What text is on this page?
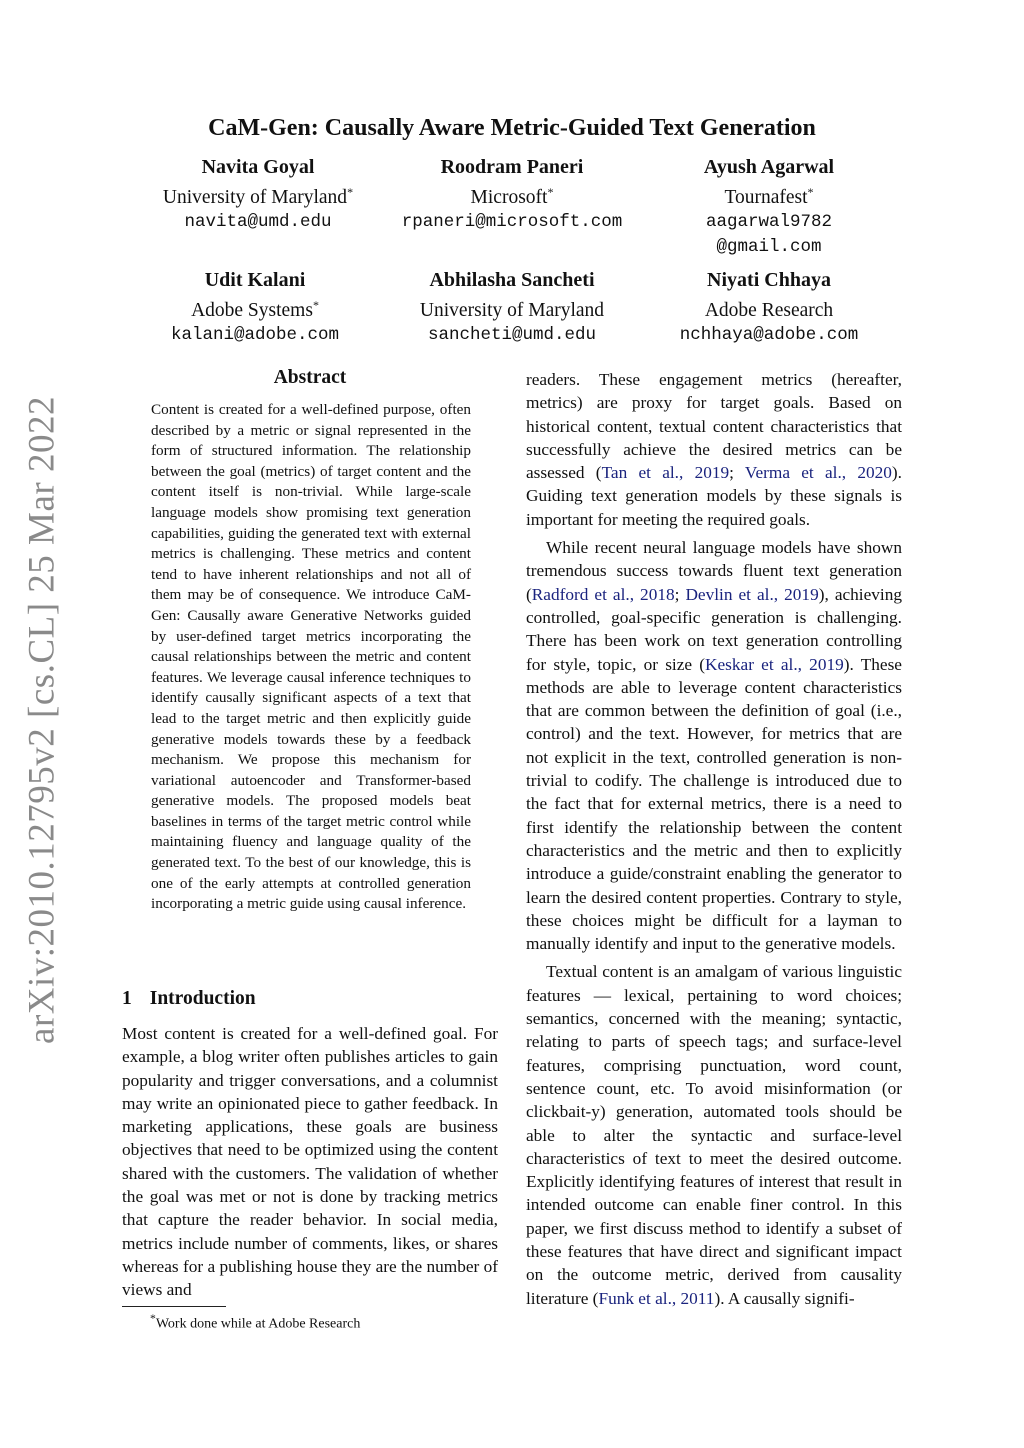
arXiv:2010.12795v2 [cs.CL] 25 Mar 2022
CaM-Gen: Causally Aware Metric-Guided Text Generation
Navita Goyal
University of Maryland*
navita@umd.edu
Roodram Paneri
Microsoft*
rpaneri@microsoft.com
Ayush Agarwal
Tournafest*
aagarwal9782
@gmail.com
Udit Kalani
Adobe Systems*
kalani@adobe.com
Abhilasha Sancheti
University of Maryland
sancheti@umd.edu
Niyati Chhaya
Adobe Research
nchhaya@adobe.com
Abstract
Content is created for a well-defined purpose, often described by a metric or signal represented in the form of structured information. The relationship between the goal (metrics) of target content and the content itself is non-trivial. While large-scale language models show promising text generation capabilities, guiding the generated text with external metrics is challenging. These metrics and content tend to have inherent relationships and not all of them may be of consequence. We introduce CaM-Gen: Causally aware Generative Networks guided by user-defined target metrics incorporating the causal relationships between the metric and content features. We leverage causal inference techniques to identify causally significant aspects of a text that lead to the target metric and then explicitly guide generative models towards these by a feedback mechanism. We propose this mechanism for variational autoencoder and Transformer-based generative models. The proposed models beat baselines in terms of the target metric control while maintaining fluency and language quality of the generated text. To the best of our knowledge, this is one of the early attempts at controlled generation incorporating a metric guide using causal inference.
1 Introduction

Most content is created for a well-defined goal. For example, a blog writer often publishes articles to gain popularity and trigger conversations, and a columnist may write an opinionated piece to gather feedback. In marketing applications, these goals are business objectives that need to be optimized using the content shared with the customers. The validation of whether the goal was met or not is done by tracking metrics that capture the reader behavior. In social media, metrics include number of comments, likes, or shares whereas for a publishing house they are the number of views and

readers. These engagement metrics (hereafter, metrics) are proxy for target goals. Based on historical content, textual content characteristics that successfully achieve the desired metrics can be assessed (Tan et al., 2019; Verma et al., 2020). Guiding text generation models by these signals is important for meeting the required goals.

While recent neural language models have shown tremendous success towards fluent text generation (Radford et al., 2018; Devlin et al., 2019), achieving controlled, goal-specific generation is challenging. There has been work on text generation controlling for style, topic, or size (Keskar et al., 2019). These methods are able to leverage content characteristics that are common between the definition of goal (i.e., control) and the text. However, for metrics that are not explicit in the text, controlled generation is non-trivial to codify. The challenge is introduced due to the fact that for external metrics, there is a need to first identify the relationship between the content characteristics and the metric and then to explicitly introduce a guide/constraint enabling the generator to learn the desired content properties. Contrary to style, these choices might be difficult for a layman to manually identify and input to the generative models.

Textual content is an amalgam of various linguistic features — lexical, pertaining to word choices; semantics, concerned with the meaning; syntactic, relating to parts of speech tags; and surface-level features, comprising punctuation, word count, sentence count, etc. To avoid misinformation (or clickbait-y) generation, automated tools should be able to alter the syntactic and surface-level characteristics of text to meet the desired outcome. Explicitly identifying features of interest that result in intended outcome can enable finer control. In this paper, we first discuss method to identify a subset of these features that have direct and significant impact on the outcome metric, derived from causality literature (Funk et al., 2011). A causally signifi-

*Work done while at Adobe Research
